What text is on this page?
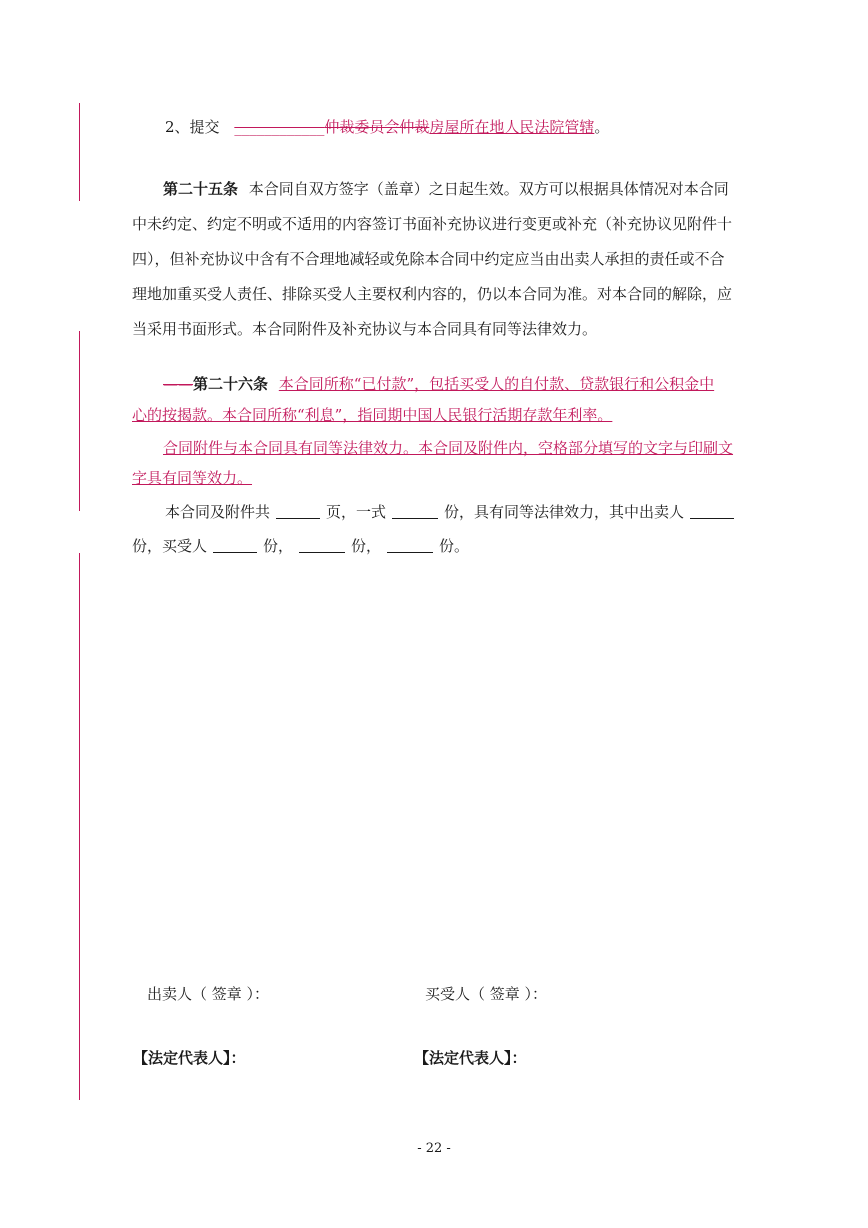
2、提交 ____________仲裁委员会仲裁房屋所在地人民法院管辖。
第二十五条 本合同自双方签字（盖章）之日起生效。双方可以根据具体情况对本合同
中未约定、约定不明或不适用的内容签订书面补充协议进行变更或补充（补充协议见附件十
四），但补充协议中含有不合理地减轻或免除本合同中约定应当由出卖人承担的责任或不合
理地加重买受人责任、排除买受人主要权利内容的，仍以本合同为准。对本合同的解除，应
当采用书面形式。本合同附件及补充协议与本合同具有同等法律效力。
——第二十六条 本合同所称“已付款”，包括买受人的自付款、贷款银行和公积金中
心的按揭款。本合同所称“利息”，指同期中国人民银行活期存款年利率。
合同附件与本合同具有同等法律效力。本合同及附件内，空格部分填写的文字与印刷文
字具有同等效力。
本合同及附件共	页，一式	份，具有同等法律效力，其中出卖人
份，买受人	份，	份，	份。
出卖人（ 签章 ）：	买受人（ 签章 ）：
【法定代表人】：	【法定代表人】：
- 22 -
